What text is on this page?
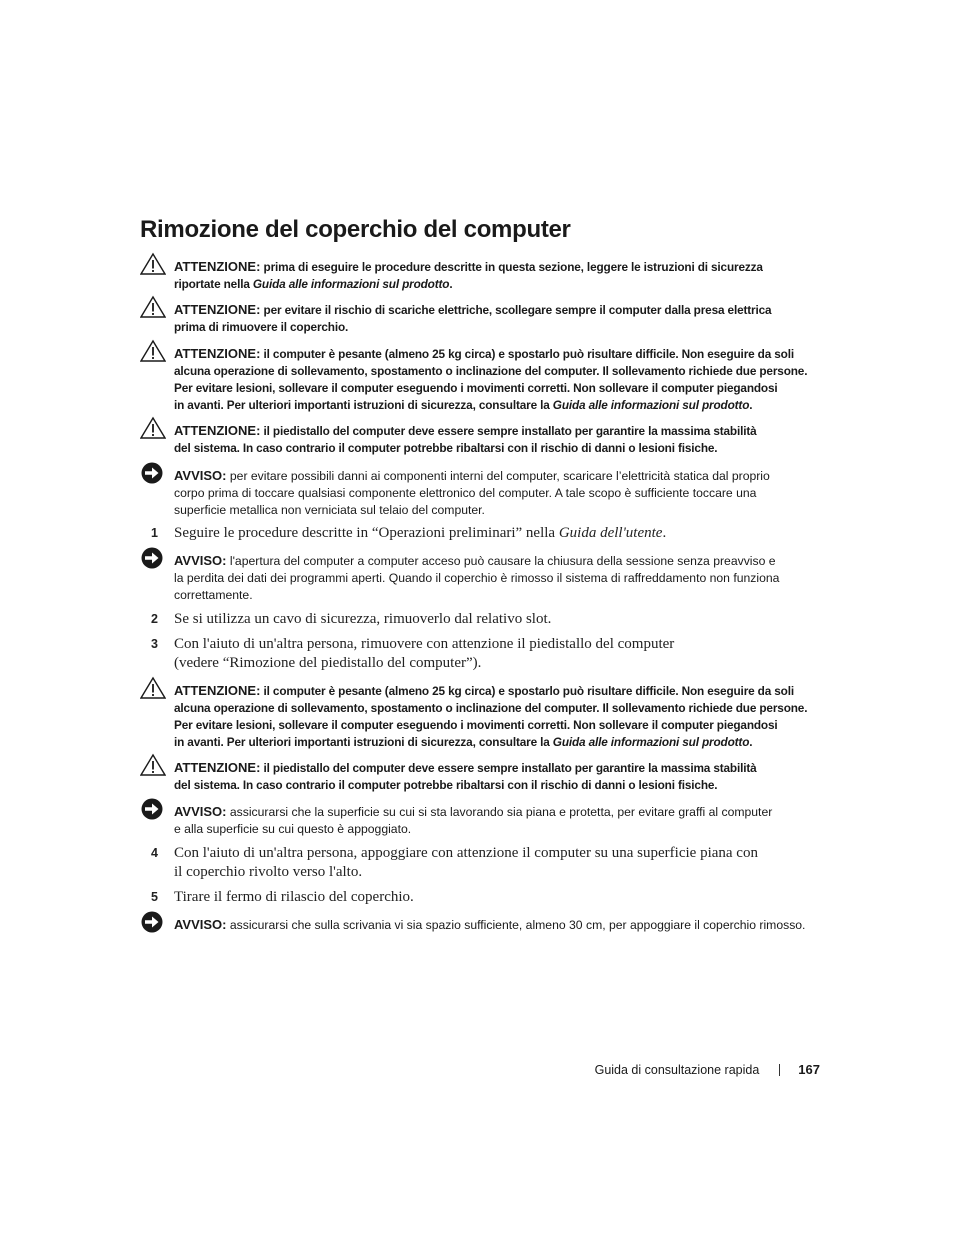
Rimozione del coperchio del computer
ATTENZIONE: prima di eseguire le procedure descritte in questa sezione, leggere le istruzioni di sicurezza
riportate nella Guida alle informazioni sul prodotto.
ATTENZIONE: per evitare il rischio di scariche elettriche, scollegare sempre il computer dalla presa elettrica
prima di rimuovere il coperchio.
ATTENZIONE: il computer è pesante (almeno 25 kg circa) e spostarlo può risultare difficile. Non eseguire da soli
alcuna operazione di sollevamento, spostamento o inclinazione del computer. Il sollevamento richiede due persone.
Per evitare lesioni, sollevare il computer eseguendo i movimenti corretti. Non sollevare il computer piegandosi
in avanti. Per ulteriori importanti istruzioni di sicurezza, consultare la Guida alle informazioni sul prodotto.
ATTENZIONE: il piedistallo del computer deve essere sempre installato per garantire la massima stabilità
del sistema. In caso contrario il computer potrebbe ribaltarsi con il rischio di danni o lesioni fisiche.
AVVISO: per evitare possibili danni ai componenti interni del computer, scaricare l’elettricità statica dal proprio
corpo prima di toccare qualsiasi componente elettronico del computer. A tale scopo è sufficiente toccare una
superficie metallica non verniciata sul telaio del computer.
1 Seguire le procedure descritte in “Operazioni preliminari” nella Guida dell'utente.
AVVISO: l'apertura del computer a computer acceso può causare la chiusura della sessione senza preavviso e
la perdita dei dati dei programmi aperti. Quando il coperchio è rimosso il sistema di raffreddamento non funziona
correttamente.
2 Se si utilizza un cavo di sicurezza, rimuoverlo dal relativo slot.
3 Con l'aiuto di un'altra persona, rimuovere con attenzione il piedistallo del computer
(vedere “Rimozione del piedistallo del computer”).
ATTENZIONE: il computer è pesante (almeno 25 kg circa) e spostarlo può risultare difficile. Non eseguire da soli
alcuna operazione di sollevamento, spostamento o inclinazione del computer. Il sollevamento richiede due persone.
Per evitare lesioni, sollevare il computer eseguendo i movimenti corretti. Non sollevare il computer piegandosi
in avanti. Per ulteriori importanti istruzioni di sicurezza, consultare la Guida alle informazioni sul prodotto.
ATTENZIONE: il piedistallo del computer deve essere sempre installato per garantire la massima stabilità
del sistema. In caso contrario il computer potrebbe ribaltarsi con il rischio di danni o lesioni fisiche.
AVVISO: assicurarsi che la superficie su cui si sta lavorando sia piana e protetta, per evitare graffi al computer
e alla superficie su cui questo è appoggiato.
4 Con l'aiuto di un'altra persona, appoggiare con attenzione il computer su una superficie piana con
il coperchio rivolto verso l'alto.
5 Tirare il fermo di rilascio del coperchio.
AVVISO: assicurarsi che sulla scrivania vi sia spazio sufficiente, almeno 30 cm, per appoggiare il coperchio rimosso.
Guida di consultazione rapida	167
